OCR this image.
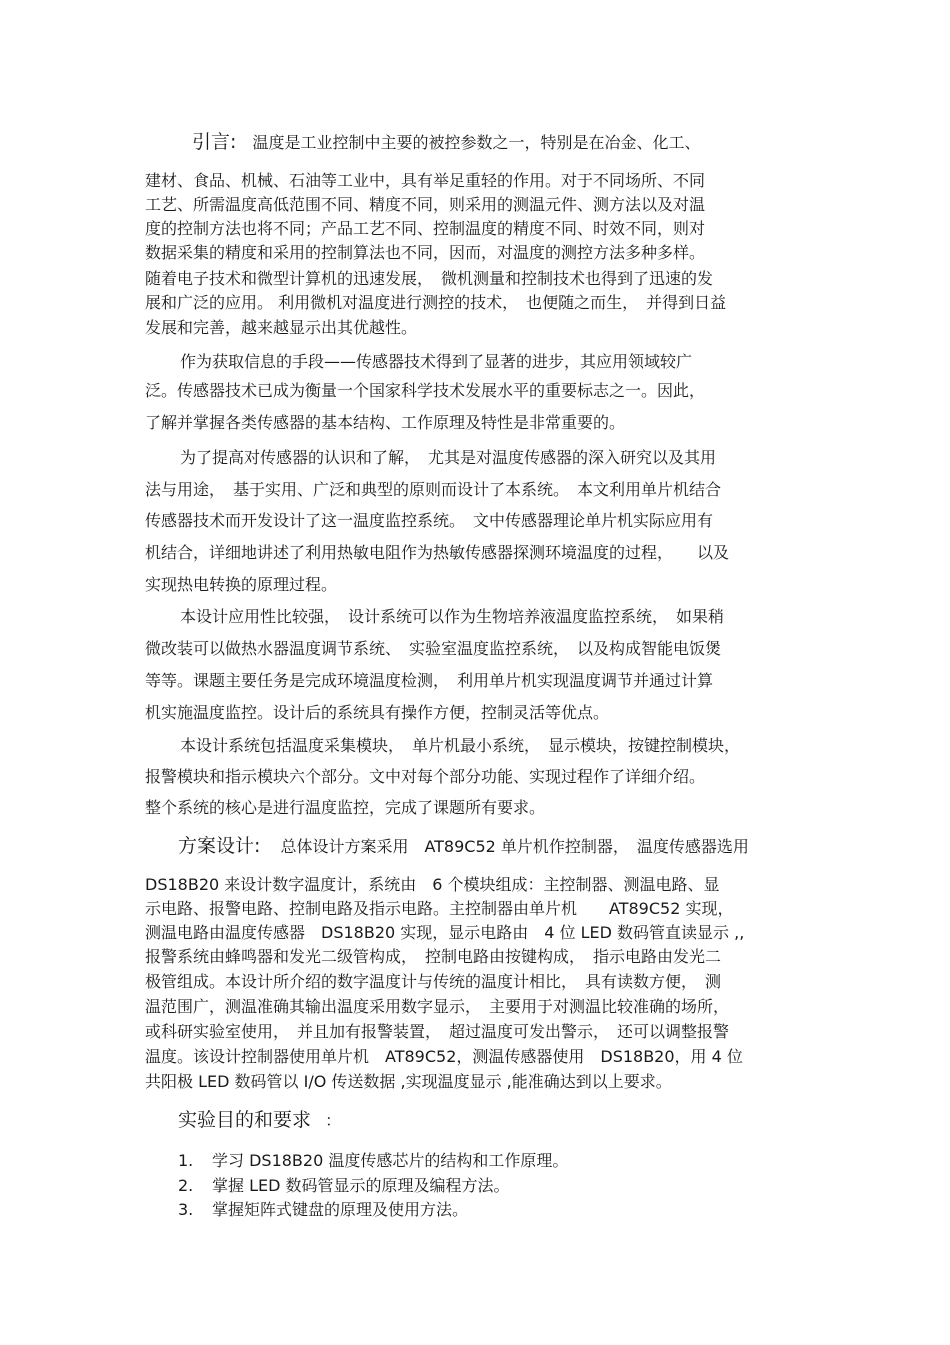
引言: 温度是工业控制中主要的被控参数之一，特别是在冶金、化工、
建材、食品、机械、石油等工业中，具有举足重轻的作用。对于不同场所、不同
工艺、所需温度高低范围不同、精度不同，则采用的测温元件、测方法以及对温
度的控制方法也将不同；产品工艺不同、控制温度的精度不同、时效不同，则对
数据采集的精度和采用的控制算法也不同，因而，对温度的测控方法多种多样。
随着电子技术和微型计算机的迅速发展，　微机测量和控制技术也得到了迅速的发
展和广泛的应用。 利用微机对温度进行测控的技术，　也便随之而生，　并得到日益
发展和完善，越来越显示出其优越性。
作为获取信息的手段——传感器技术得到了显著的进步，其应用领域较广
泛。传感器技术已成为衡量一个国家科学技术发展水平的重要标志之一。因此，
了解并掌握各类传感器的基本结构、工作原理及特性是非常重要的。
为了提高对传感器的认识和了解，　尤其是对温度传感器的深入研究以及其用
法与用途，　基于实用、广泛和典型的原则而设计了本系统。　本文利用单片机结合
传感器技术而开发设计了这一温度监控系统。　文中传感器理论单片机实际应用有
机结合，详细地讲述了利用热敏电阻作为热敏传感器探测环境温度的过程，　　以及
实现热电转换的原理过程。
本设计应用性比较强，　设计系统可以作为生物培养液温度监控系统，　如果稍
微改装可以做热水器温度调节系统、　实验室温度监控系统，　以及构成智能电饭煲
等等。课题主要任务是完成环境温度检测，　利用单片机实现温度调节并通过计算
机实施温度监控。设计后的系统具有操作方便，控制灵活等优点。
本设计系统包括温度采集模块，　单片机最小系统，　显示模块，按键控制模块，
报警模块和指示模块六个部分。文中对每个部分功能、实现过程作了详细介绍。
整个系统的核心是进行温度监控，完成了课题所有要求。
方案设计: 总体设计方案采用　AT89C52 单片机作控制器，　温度传感器选用
DS18B20 来设计数字温度计，系统由　6 个模块组成：主控制器、测温电路、显
示电路、报警电路、控制电路及指示电路。主控制器由单片机　　AT89C52 实现，
测温电路由温度传感器　DS18B20 实现，显示电路由　4 位 LED 数码管直读显示 ,,
报警系统由蜂鸣器和发光二级管构成，　控制电路由按键构成，　指示电路由发光二
极管组成。本设计所介绍的数字温度计与传统的温度计相比，　具有读数方便，　测
温范围广，测温准确其输出温度采用数字显示，　主要用于对测温比较准确的场所，
或科研实验室使用，　并且加有报警装置，　超过温度可发出警示，　还可以调整报警
温度。该设计控制器使用单片机　AT89C52，测温传感器使用　DS18B20，用 4 位
共阳极 LED 数码管以 I/O 传送数据 ,实现温度显示 ,能准确达到以上要求。
实验目的和要求 ：
1. 学习 DS18B20 温度传感芯片的结构和工作原理。
2. 掌握 LED 数码管显示的原理及编程方法。
3. 掌握矩阵式键盘的原理及使用方法。
